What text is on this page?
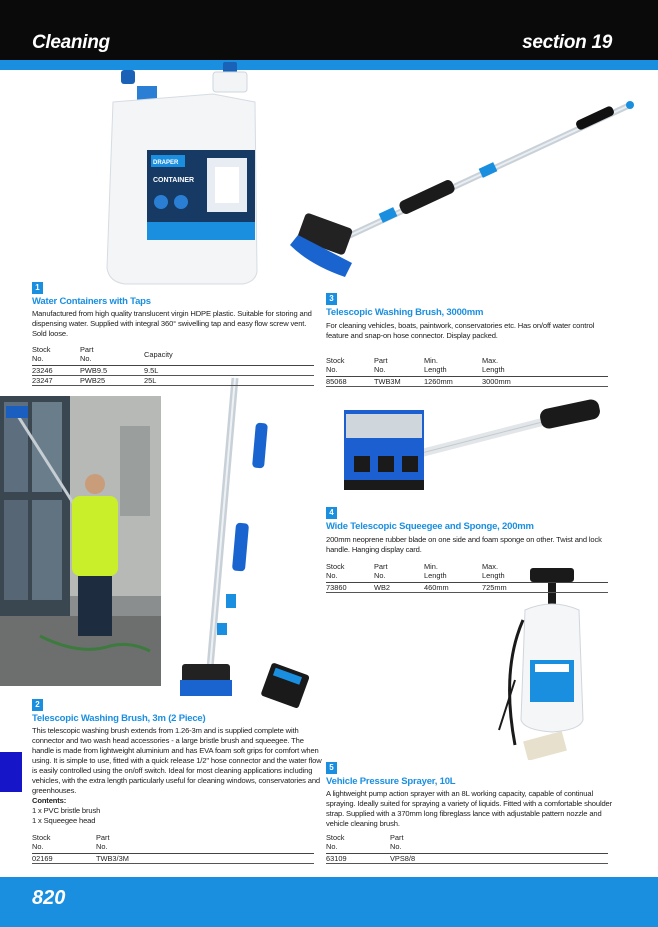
Cleaning	section 19
DRAPER
CONTAINER
1
Water Containers with Taps
Manufactured from high quality translucent virgin HDPE plastic. Suitable for storing and dispensing water. Supplied with integral 360° swivelling tap and easy flow screw vent. Sold loose.
Stock
No.
Part
No.	Capacity
23246	PWB9.5	9.5L
23247	PWB25	25L
2
Telescopic Washing Brush, 3m (2 Piece)

This telescopic washing brush extends from 1.26-3m and is supplied complete with connector and two wash head accessories - a large bristle brush and squeegee. The handle is made from lightweight aluminium and has EVA foam soft grips for comfort when using. It is simple to use, fitted with a quick release 1/2" hose connector and the water flow is easily controlled using the on/off switch. Ideal for most cleaning applications including vehicles, with the extra length particularly useful for cleaning windows, conservatories and greenhouses.

Contents:

1 x PVC bristle brush

1 x Squeegee head

Stock
No.
Part
No.
02169	TWB3/3M
3
Telescopic Washing Brush, 3000mm
For cleaning vehicles, boats, paintwork, conservatories etc. Has on/off water control feature and snap-on hose connector. Display packed.
Stock
No.
Part
No.
Min.
Length
Max.
Length
85068	TWB3M	1260mm	3000mm
4
Wide Telescopic Squeegee and Sponge, 200mm
200mm neoprene rubber blade on one side and foam sponge on other. Twist and lock handle. Hanging display card.
Stock
No.
Part
No.
Min.
Length
Max.
Length
73860	WB2	460mm	725mm
5
Vehicle Pressure Sprayer, 10L
A lightweight pump action sprayer with an 8L working capacity, capable of continual spraying. Ideally suited for spraying a variety of liquids. Fitted with a comfortable shoulder strap. Supplied with a 370mm long fibreglass lance with adjustable pattern nozzle and vehicle cleaning brush.
Stock
No.
Part
No.
63109	VPS8/8
820
